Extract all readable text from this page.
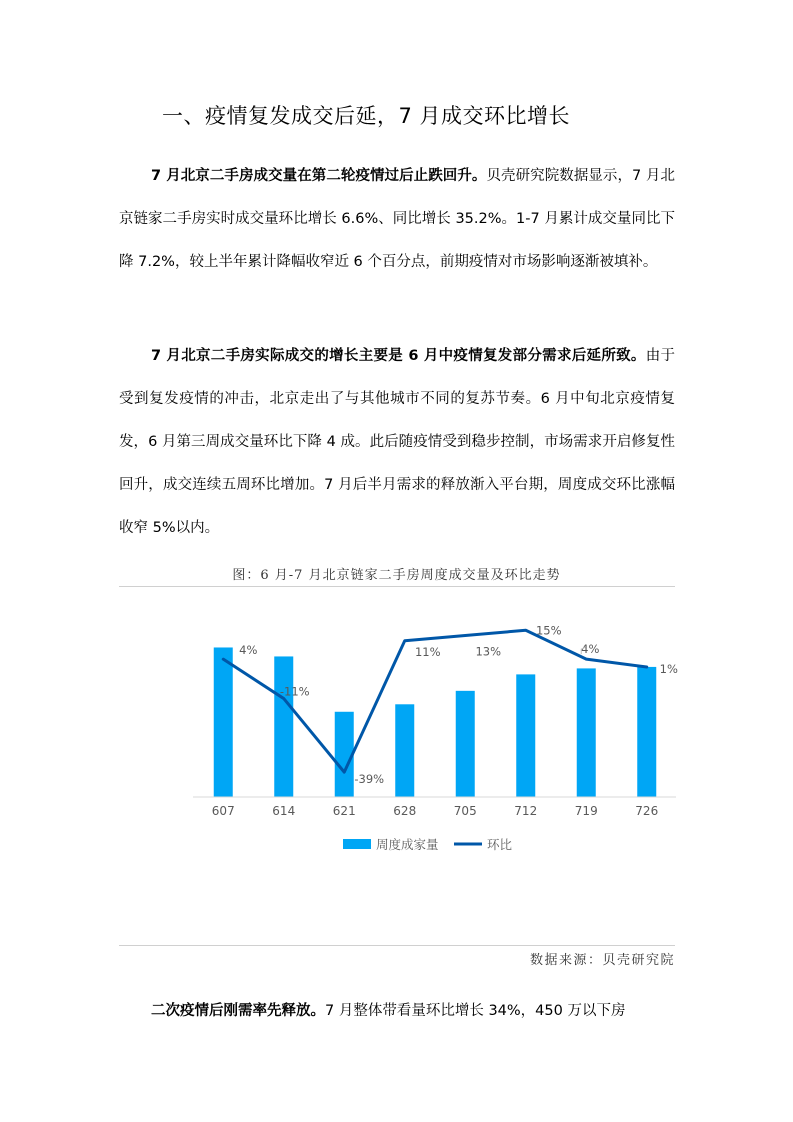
一、疫情复发成交后延，7 月成交环比增长
7 月北京二手房成交量在第二轮疫情过后止跌回升。贝壳研究院数据显示，7 月北京链家二手房实时成交量环比增长 6.6%、同比增长 35.2%。1-7 月累计成交量同比下降 7.2%，较上半年累计降幅收窄近 6 个百分点，前期疫情对市场影响逐渐被填补。
7 月北京二手房实际成交的增长主要是 6 月中疫情复发部分需求后延所致。由于受到复发疫情的冲击，北京走出了与其他城市不同的复苏节奏。6 月中旬北京疫情复发，6 月第三周成交量环比下降 4 成。此后随疫情受到稳步控制，市场需求开启修复性回升，成交连续五周环比增加。7 月后半月需求的释放渐入平台期，周度成交环比涨幅收窄 5%以内。
图：6 月-7 月北京链家二手房周度成交量及环比走势
4%
-11%
-39%
11%	13%
15%
4%
1%
607	614	621	628	705	712	719	726
周度成家量	环比
数据来源：贝壳研究院
二次疫情后刚需率先释放。7 月整体带看量环比增长 34%，450 万以下房
